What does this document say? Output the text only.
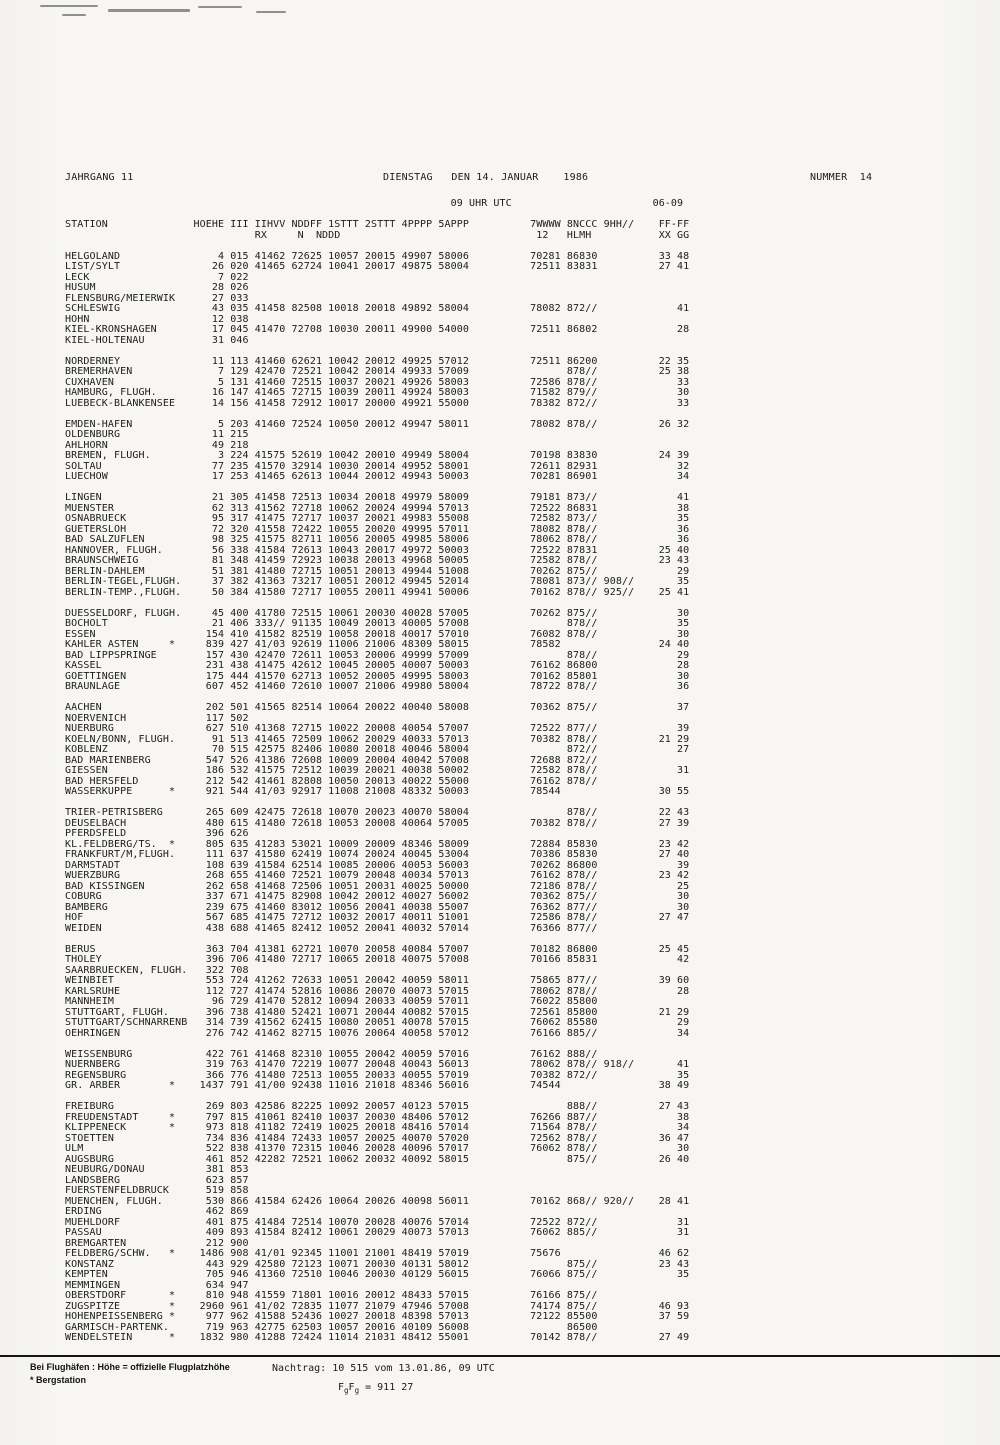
JAHRGANG 11	DIENSTAG   DEN 14. JANUAR    1986	NUMMER  14
09 UHR UTC                       06-09

STATION              HOEHE III IIHVV NDDFF 1STTT 2STTT 4PPPP 5APPP          7WWWW 8NCCC 9HH//    FF-FF
RX     N  NDDD                                12   HLMH           XX GG

HELGOLAND                4 015 41462 72625 10057 20015 49907 58006          70281 86830          33 48
LIST/SYLT               26 020 41465 62724 10041 20017 49875 58004          72511 83831          27 41
LECK                     7 022
HUSUM                   28 026
FLENSBURG/MEIERWIK      27 033
SCHLESWIG               43 035 41458 82508 10018 20018 49892 58004          78082 872//             41
HOHN                    12 038
KIEL-KRONSHAGEN         17 045 41470 72708 10030 20011 49900 54000          72511 86802             28
KIEL-HOLTENAU           31 046

NORDERNEY               11 113 41460 62621 10042 20012 49925 57012          72511 86200          22 35
BREMERHAVEN              7 129 42470 72521 10042 20014 49933 57009                878//          25 38
CUXHAVEN                 5 131 41460 72515 10037 20021 49926 58003          72586 878//             33
HAMBURG, FLUGH.         16 147 41465 72715 10039 20011 49924 58003          71582 879//             30
LUEBECK-BLANKENSEE      14 156 41458 72912 10017 20000 49921 55000          78382 872//             33

EMDEN-HAFEN              5 203 41460 72524 10050 20012 49947 58011          78082 878//          26 32
OLDENBURG               11 215
AHLHORN                 49 218
BREMEN, FLUGH.           3 224 41575 52619 10042 20010 49949 58004          70198 83830          24 39
SOLTAU                  77 235 41570 32914 10030 20014 49952 58001          72611 82931             32
LUECHOW                 17 253 41465 62613 10044 20012 49943 50003          70281 86901             34

LINGEN                  21 305 41458 72513 10034 20018 49979 58009          79181 873//             41
MUENSTER                62 313 41562 72718 10062 20024 49994 57013          72522 86831             38
OSNABRUECK              95 317 41475 72717 10037 20021 49983 55008          72582 873//             35
GUETERSLOH              72 320 41558 72422 10055 20020 49995 57011          78082 878//             36
BAD SALZUFLEN           98 325 41575 82711 10056 20005 49985 58006          78062 878//             36
HANNOVER, FLUGH.        56 338 41584 72613 10043 20017 49972 50003          72522 87831          25 40
BRAUNSCHWEIG            81 348 41459 72923 10038 20013 49968 50005          72582 878//          23 43
BERLIN-DAHLEM           51 381 41480 72715 10051 20013 49944 51008          70262 875//             29
BERLIN-TEGEL,FLUGH.     37 382 41363 73217 10051 20012 49945 52014          78081 873// 908//       35
BERLIN-TEMP.,FLUGH.     50 384 41580 72717 10055 20011 49941 50006          70162 878// 925//    25 41

DUESSELDORF, FLUGH.     45 400 41780 72515 10061 20030 40028 57005          70262 875//             30
BOCHOLT                 21 406 333// 91135 10049 20013 40005 57008                878//             35
ESSEN                  154 410 41582 82519 10058 20018 40017 57010          76082 878//             30
KAHLER ASTEN     *     839 427 41/03 92619 11006 21006 48309 58015          78582                24 40
BAD LIPPSPRINGE        157 430 42470 72611 10053 20006 49999 57009                878//             29
KASSEL                 231 438 41475 42612 10045 20005 40007 50003          76162 86800             28
GOETTINGEN             175 444 41570 62713 10052 20005 49995 58003          70162 85801             30
BRAUNLAGE              607 452 41460 72610 10007 21006 49980 58004          78722 878//             36

AACHEN                 202 501 41565 82514 10064 20022 40040 58008          70362 875//             37
NOERVENICH             117 502
NUERBURG               627 510 41368 72715 10022 20008 40054 57007          72522 877//             39
KOELN/BONN, FLUGH.      91 513 41465 72509 10062 20029 40033 57013          70382 878//          21 29
KOBLENZ                 70 515 42575 82406 10080 20018 40046 58004                872//             27
BAD MARIENBERG         547 526 41386 72608 10009 20004 40042 57008          72688 872//
GIESSEN                186 532 41575 72512 10039 20021 40038 50002          72582 878//             31
BAD HERSFELD           212 542 41461 82808 10050 20013 40022 55000          76162 878//
WASSERKUPPE      *     921 544 41/03 92917 11008 21008 48332 50003          78544                30 55

TRIER-PETRISBERG       265 609 42475 72618 10070 20023 40070 58004                878//          22 43
DEUSELBACH             480 615 41480 72618 10053 20008 40064 57005          70382 878//          27 39
PFERDSFELD             396 626
KL.FELDBERG/TS.  *     805 635 41283 53021 10009 20009 48346 58009          72884 85830          23 42
FRANKFURT/M,FLUGH.     111 637 41580 62419 10074 20024 40045 53004          70386 85830          27 40
DARMSTADT              108 639 41584 62514 10085 20006 40053 56003          70262 86800             39
WUERZBURG              268 655 41460 72521 10079 20048 40034 57013          76162 878//          23 42
BAD KISSINGEN          262 658 41468 72506 10051 20031 40025 50000          72186 878//             25
COBURG                 337 671 41475 82908 10042 20012 40027 56002          70362 875//             30
BAMBERG                239 675 41460 83012 10056 20041 40038 55007          76362 877//             30
HOF                    567 685 41475 72712 10032 20017 40011 51001          72586 878//          27 47
WEIDEN                 438 688 41465 82412 10052 20041 40032 57014          76366 877//

BERUS                  363 704 41381 62721 10070 20058 40084 57007          70182 86800          25 45
THOLEY                 396 706 41480 72717 10065 20018 40075 57008          70166 85831             42
SAARBRUECKEN, FLUGH.   322 708
WEINBIET               553 724 41262 72633 10051 20042 40059 58011          75865 877//          39 60
KARLSRUHE              112 727 41474 52816 10086 20070 40073 57015          78062 878//             28
MANNHEIM                96 729 41470 52812 10094 20033 40059 57011          76022 85800
STUTTGART, FLUGH.      396 738 41480 52421 10071 20044 40082 57015          72561 85800          21 29
STUTTGART/SCHNARRENB   314 739 41562 62415 10080 20051 40078 57015          76062 85580             29
OEHRINGEN              276 742 41462 82715 10076 20064 40058 57012          76166 885//             34

WEISSENBURG            422 761 41468 82310 10055 20042 40059 57016          76162 888//
NUERNBERG              319 763 41470 72219 10077 20048 40043 56013          78062 878// 918//       41
REGENSBURG             366 776 41480 72513 10055 20033 40055 57019          70382 872//             35
GR. ARBER        *    1437 791 41/00 92438 11016 21018 48346 56016          74544                38 49

FREIBURG               269 803 42586 82225 10092 20057 40123 57015                888//          27 43
FREUDENSTADT     *     797 815 41061 82410 10037 20030 48406 57012          76266 887//             38
KLIPPENECK       *     973 818 41182 72419 10025 20018 48416 57014          71564 878//             34
STOETTEN               734 836 41484 72433 10057 20025 40070 57020          72562 878//          36 47
ULM                    522 838 41370 72315 10046 20028 40096 57017          76062 878//             30
AUGSBURG               461 852 42282 72521 10062 20032 40092 58015                875//          26 40
NEUBURG/DONAU          381 853
LANDSBERG              623 857
FUERSTENFELDBRUCK      519 858
MUENCHEN, FLUGH.       530 866 41584 62426 10064 20026 40098 56011          70162 868// 920//    28 41
ERDING                 462 869
MUEHLDORF              401 875 41484 72514 10070 20028 40076 57014          72522 872//             31
PASSAU                 409 893 41584 82412 10061 20029 40073 57013          76062 885//             31
BREMGARTEN             212 900
FELDBERG/SCHW.   *    1486 908 41/01 92345 11001 21001 48419 57019          75676                46 62
KONSTANZ               443 929 42580 72123 10071 20030 40131 58012                875//          23 43
KEMPTEN                705 946 41360 72510 10046 20030 40129 56015          76066 875//             35
MEMMINGEN              634 947
OBERSTDORF       *     810 948 41559 71801 10016 20012 48433 57015          76166 875//
ZUGSPITZE        *    2960 961 41/02 72835 11077 21079 47946 57008          74174 875//          46 93
HOHENPEISSENBERG *     977 962 41588 52436 10027 20018 48398 57013          72122 85500          37 59
GARMISCH-PARTENK.      719 963 42775 62503 10057 20016 40109 56008                86500
WENDELSTEIN      *    1832 980 41288 72424 11014 21031 48412 55001          70142 878//          27 49
Bei Flughäfen : Höhe = offizielle Flugplatzhöhe
* Bergstation
Nachtrag: 10 515 vom 13.01.86, 09 UTC
$F_gF_g = 911$ 27
